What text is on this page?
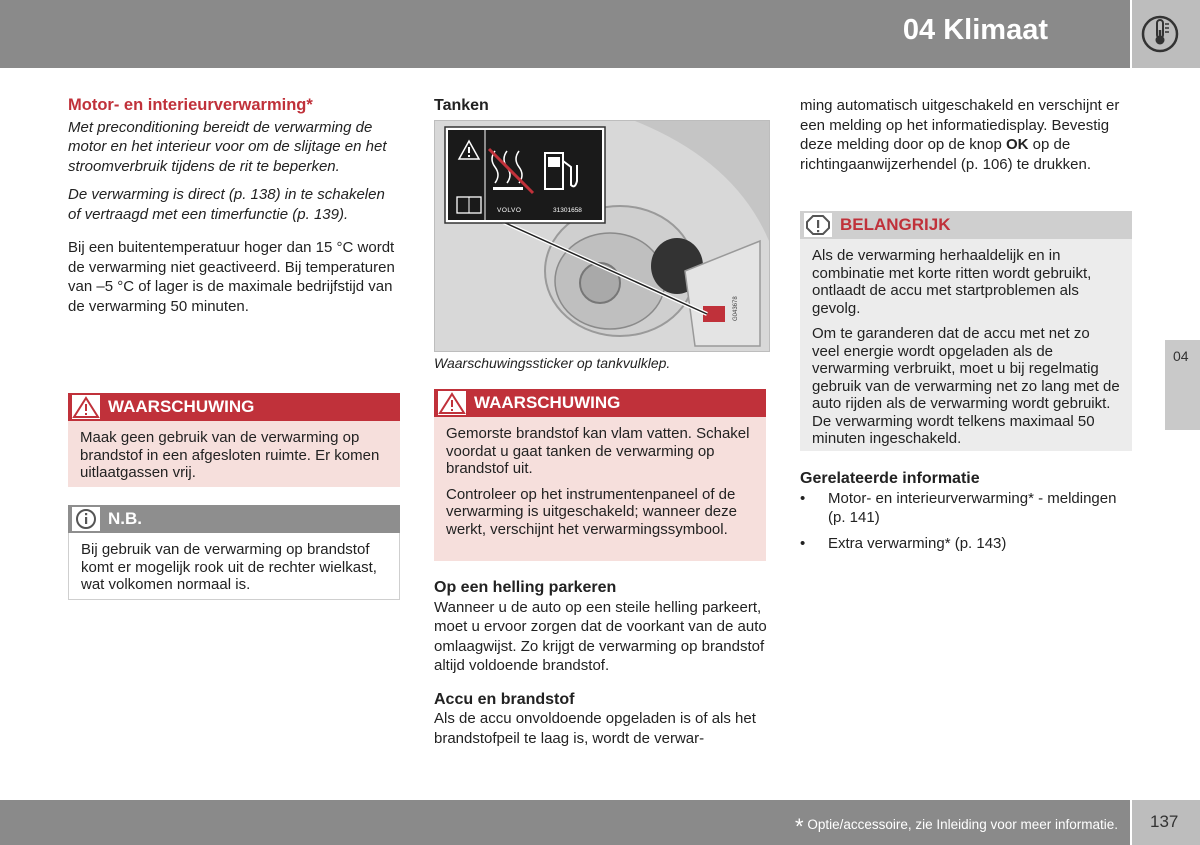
04 Klimaat
04

Motor- en interieurverwarming*

Met preconditioning bereidt de verwarming de motor en het interieur voor om de slijtage en het stroomverbruik tijdens de rit te beperken.

De verwarming is direct (p. 138) in te schakelen of vertraagd met een timerfunctie (p. 139).

Bij een buitentemperatuur hoger dan 15 °C wordt de verwarming niet geactiveerd. Bij temperaturen van –5 °C of lager is de maximale bedrijfstijd van de verwarming 50 minuten.

WAARSCHUWING
Maak geen gebruik van de verwarming op brandstof in een afgesloten ruimte. Er komen uitlaatgassen vrij.
N.B.
Bij gebruik van de verwarming op brandstof komt er mogelijk rook uit de rechter wielkast, wat volkomen normaal is.

Tanken

VOLVO	31301658
G043678
Waarschuwingssticker op tankvulklep.
WAARSCHUWING

Gemorste brandstof kan vlam vatten. Schakel voordat u gaat tanken de verwarming op brandstof uit.

Controleer op het instrumentenpaneel of de verwarming is uitgeschakeld; wanneer deze werkt, verschijnt het verwarmingssymbool.

Op een helling parkeren

Wanneer u de auto op een steile helling parkeert, moet u ervoor zorgen dat de voorkant van de auto omlaagwijst. Zo krijgt de verwarming op brandstof altijd voldoende brandstof.

Accu en brandstof

Als de accu onvoldoende opgeladen is of als het brandstofpeil te laag is, wordt de verwar-

ming automatisch uitgeschakeld en verschijnt er een melding op het informatiedisplay. Bevestig deze melding door op de knop OK op de richtingaanwijzerhendel (p. 106) te drukken.

BELANGRIJK

Als de verwarming herhaaldelijk en in combinatie met korte ritten wordt gebruikt, ontlaadt de accu met startproblemen als gevolg.

Om te garanderen dat de accu met net zo veel energie wordt opgeladen als de verwarming verbruikt, moet u bij regelmatig gebruik van de verwarming net zo lang met de auto rijden als de verwarming wordt gebruikt. De verwarming wordt telkens maximaal 50 minuten ingeschakeld.

Gerelateerde informatie

• Motor- en interieurverwarming* - meldingen (p. 141)
• Extra verwarming* (p. 143)
* Optie/accessoire, zie Inleiding voor meer informatie. 137
